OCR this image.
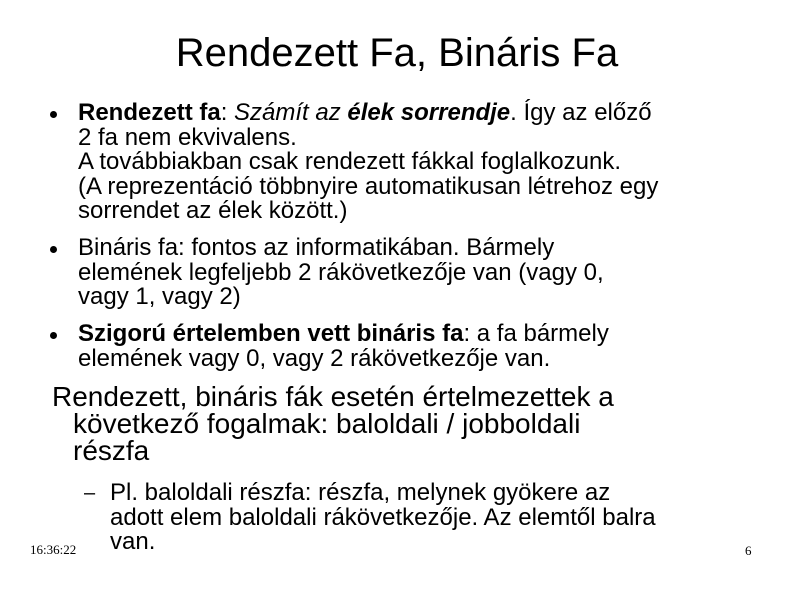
Rendezett Fa, Bináris Fa
Rendezett fa: Számít az élek sorrendje. Így az előző
2 fa nem ekvivalens.
A továbbiakban csak rendezett fákkal foglalkozunk.
(A reprezentáció többnyire automatikusan létrehoz egy
sorrendet az élek között.)
Bináris fa: fontos az informatikában. Bármely
elemének legfeljebb 2 rákövetkezője van (vagy 0,
vagy 1, vagy 2)
Szigorú értelemben vett bináris fa: a fa bármely
elemének vagy 0, vagy 2 rákövetkezője van.
Rendezett, bináris fák esetén értelmezettek a
következő fogalmak: baloldali / jobboldali
részfa
– Pl. baloldali részfa: részfa, melynek gyökere az
adott elem baloldali rákövetkezője. Az elemtől balra
van.
16:36:22	6
